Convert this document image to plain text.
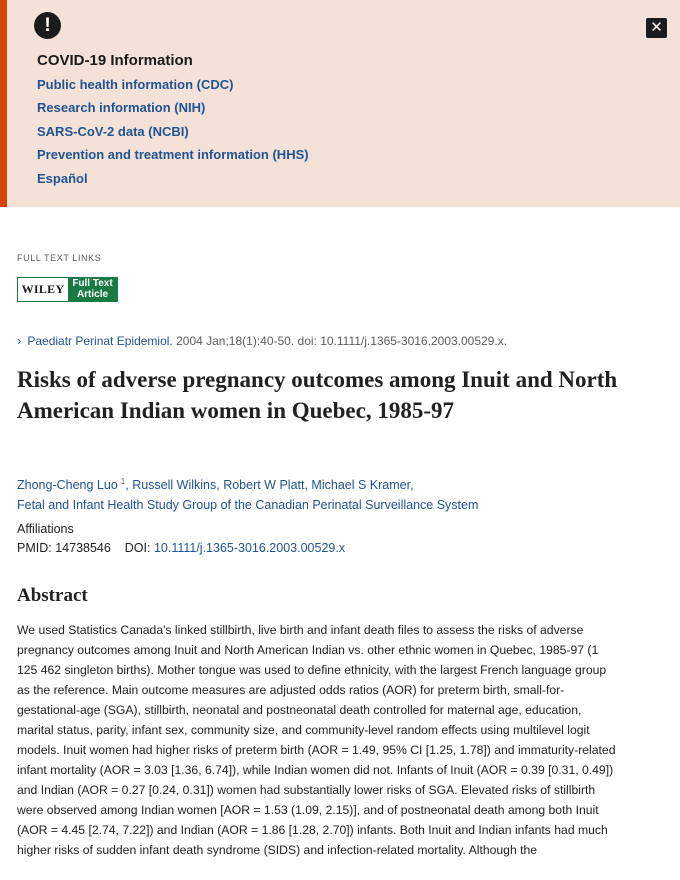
!	✕
COVID-19 Information
Public health information (CDC)
Research information (NIH)
SARS-CoV-2 data (NCBI)
Prevention and treatment information (HHS)
Español
FULL TEXT LINKS
WILEY Full Text
Article
› Paediatr Perinat Epidemiol. 2004 Jan;18(1):40-50. doi: 10.1111/j.1365-3016.2003.00529.x.
Risks of adverse pregnancy outcomes among Inuit and North American Indian women in Quebec, 1985-97
Zhong-Cheng Luo $^1$, Russell Wilkins, Robert W Platt, Michael S Kramer,
Fetal and Infant Health Study Group of the Canadian Perinatal Surveillance System
Affiliations
PMID: 14738546 DOI: 10.1111/j.1365-3016.2003.00529.x
Abstract

We used Statistics Canada's linked stillbirth, live birth and infant death files to assess the risks of adverse pregnancy outcomes among Inuit and North American Indian vs. other ethnic women in Quebec, 1985-97 (1 125 462 singleton births). Mother tongue was used to define ethnicity, with the largest French language group as the reference. Main outcome measures are adjusted odds ratios (AOR) for preterm birth, small-for-gestational-age (SGA), stillbirth, neonatal and postneonatal death controlled for maternal age, education, marital status, parity, infant sex, community size, and community-level random effects using multilevel logit models. Inuit women had higher risks of preterm birth (AOR = 1.49, 95% CI [1.25, 1.78]) and immaturity-related infant mortality (AOR = 3.03 [1.36, 6.74]), while Indian women did not. Infants of Inuit (AOR = 0.39 [0.31, 0.49]) and Indian (AOR = 0.27 [0.24, 0.31]) women had substantially lower risks of SGA. Elevated risks of stillbirth were observed among Indian women [AOR = 1.53 (1.09, 2.15)], and of postneonatal death among both Inuit (AOR = 4.45 [2.74, 7.22]) and Indian (AOR = 1.86 [1.28, 2.70]) infants. Both Inuit and Indian infants had much higher risks of sudden infant death syndrome (SIDS) and infection-related mortality. Although the
